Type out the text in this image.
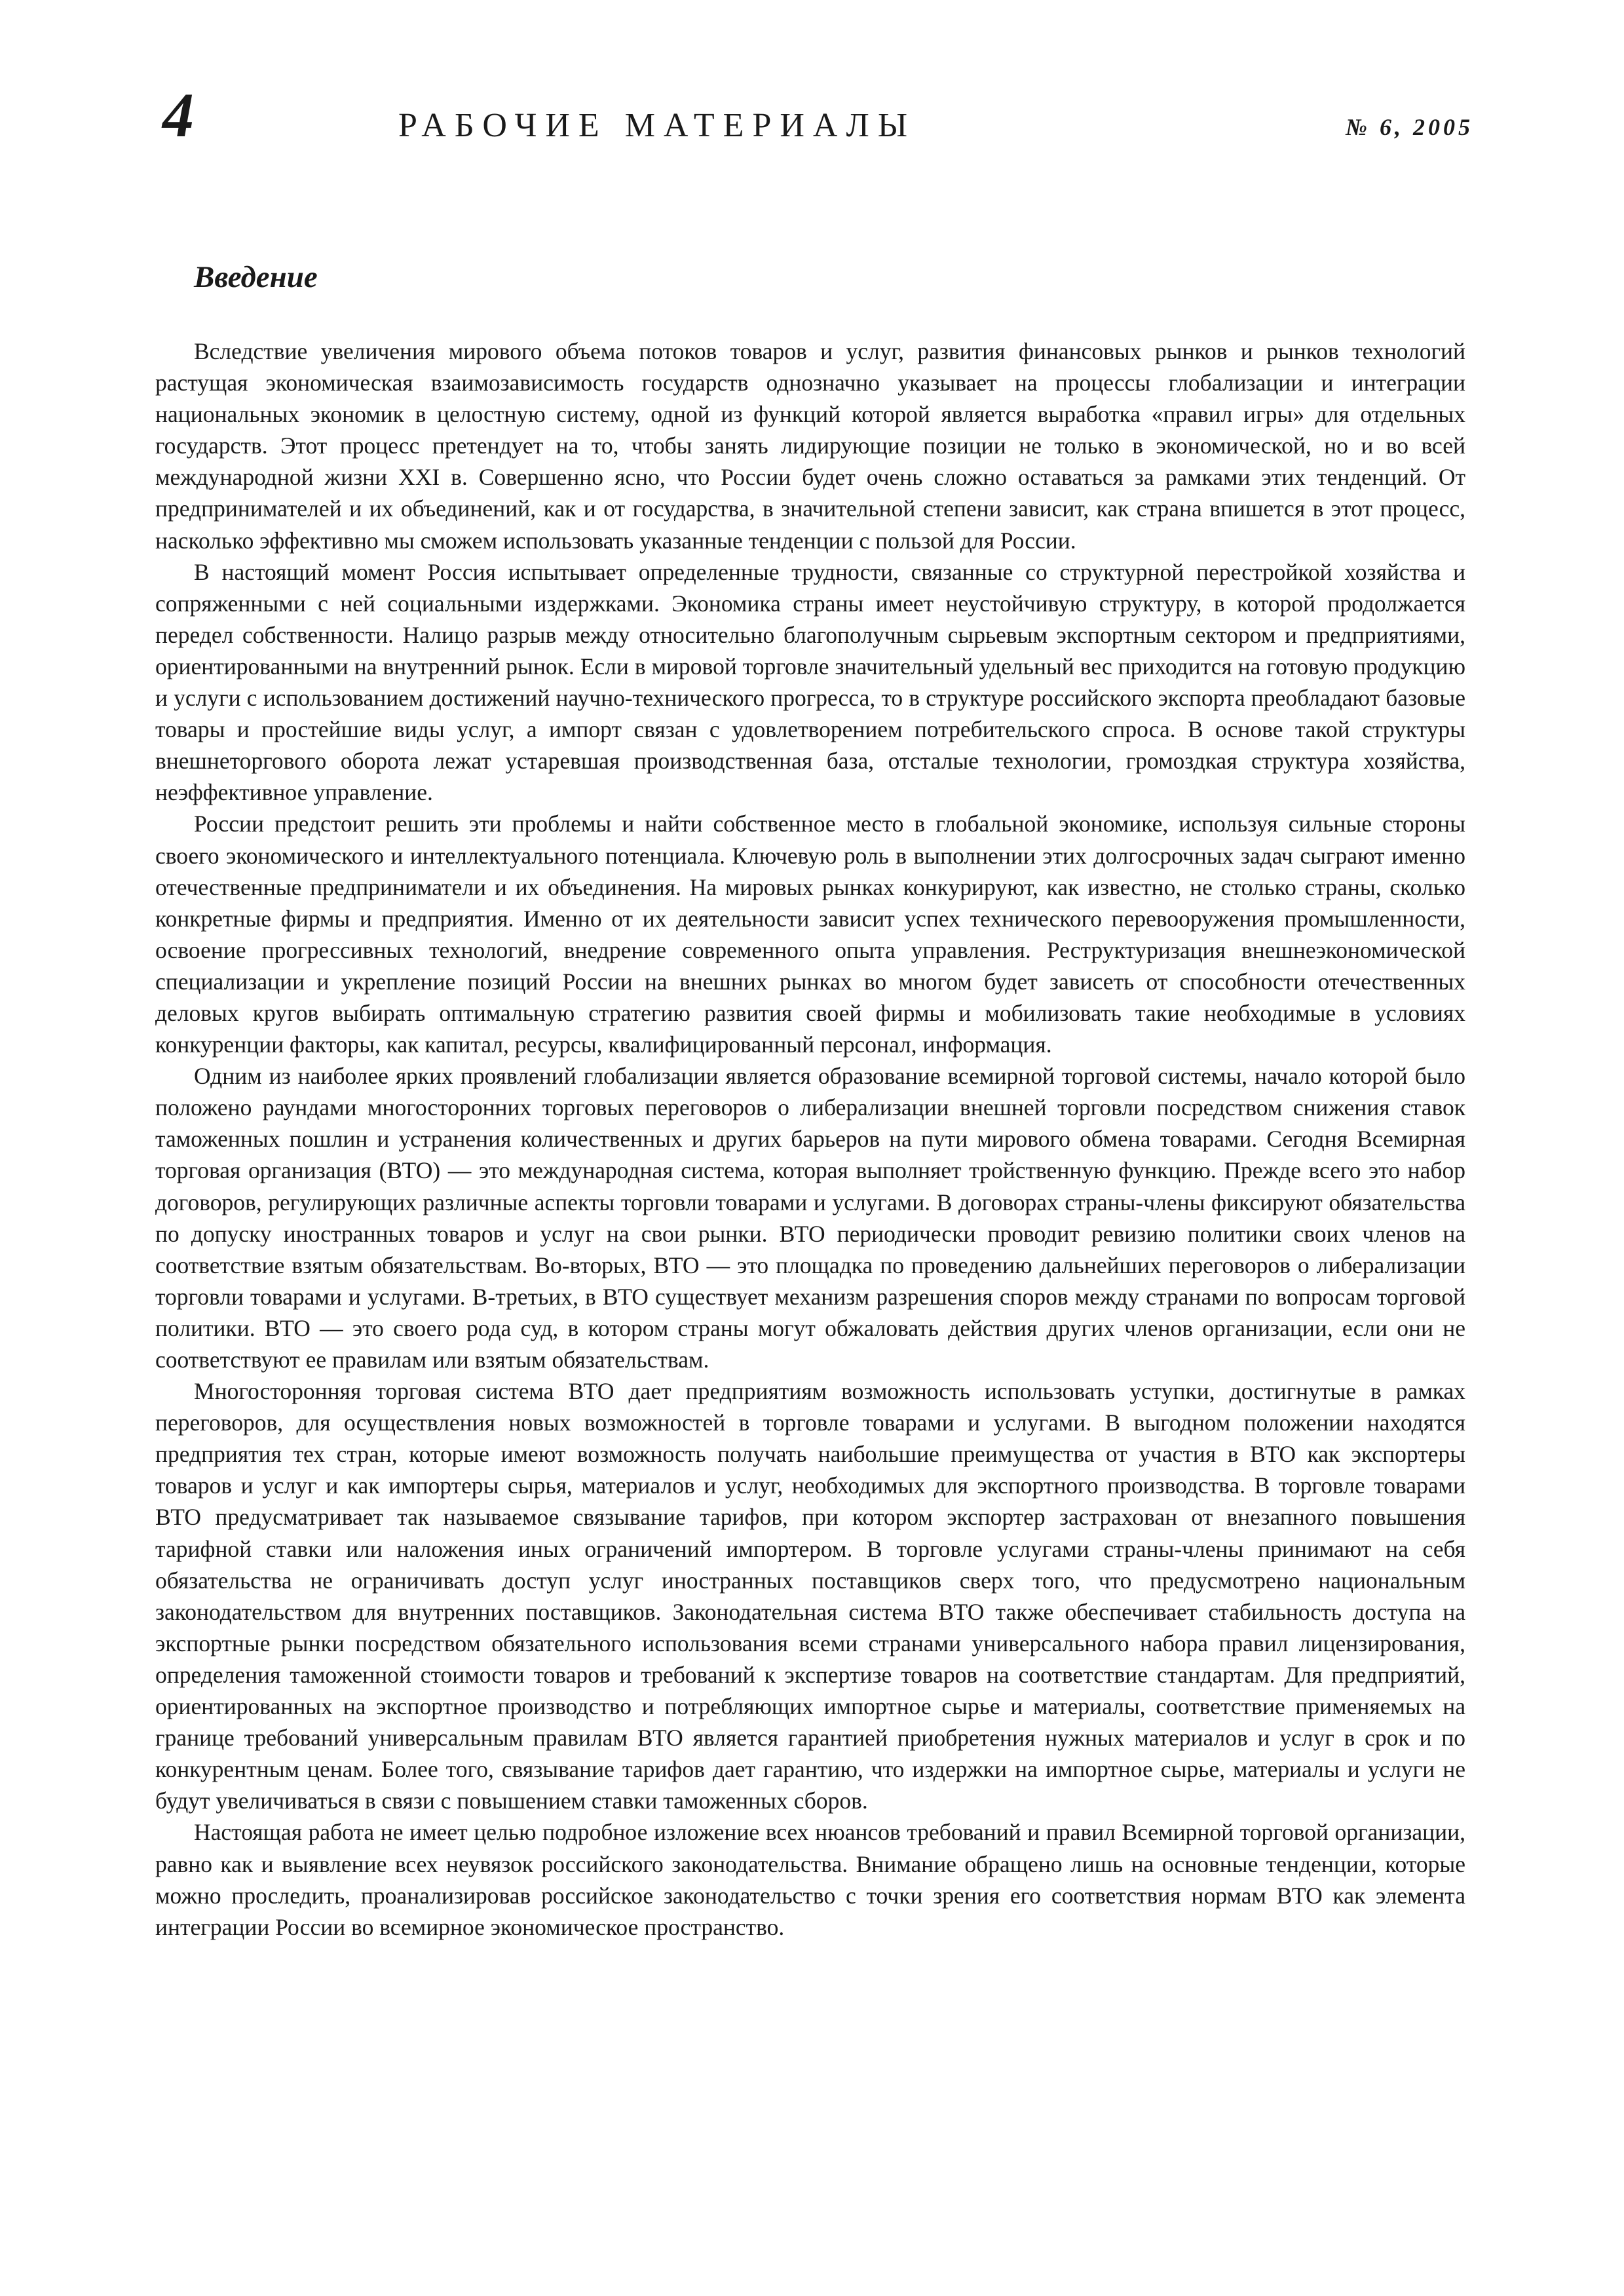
4	РАБОЧИЕ МАТЕРИАЛЫ	№ 6, 2005
Введение

Вследствие увеличения мирового объема потоков товаров и услуг, развития финансовых рынков и рынков технологий растущая экономическая взаимозависимость государств однозначно указывает на процессы глобализации и интеграции национальных экономик в целостную систему, одной из функций которой является выработка «правил игры» для отдельных государств. Этот процесс претендует на то, чтобы занять лидирующие позиции не только в экономической, но и во всей международной жизни XXI в. Совершенно ясно, что России будет очень сложно оставаться за рамками этих тенденций. От предпринимателей и их объединений, как и от государства, в значительной степени зависит, как страна впишется в этот процесс, насколько эффективно мы сможем использовать указанные тенденции с пользой для России.

В настоящий момент Россия испытывает определенные трудности, связанные со структурной перестройкой хозяйства и сопряженными с ней социальными издержками. Экономика страны имеет неустойчивую структуру, в которой продолжается передел собственности. Налицо разрыв между относительно благополучным сырьевым экспортным сектором и предприятиями, ориентированными на внутренний рынок. Если в мировой торговле значительный удельный вес приходится на готовую продукцию и услуги с использованием достижений научно-технического прогресса, то в структуре российского экспорта преобладают базовые товары и простейшие виды услуг, а импорт связан с удовлетворением потребительского спроса. В основе такой структуры внешнеторгового оборота лежат устаревшая производственная база, отсталые технологии, громоздкая структура хозяйства, неэффективное управление.

России предстоит решить эти проблемы и найти собственное место в глобальной экономике, используя сильные стороны своего экономического и интеллектуального потенциала. Ключевую роль в выполнении этих долгосрочных задач сыграют именно отечественные предприниматели и их объединения. На мировых рынках конкурируют, как известно, не столько страны, сколько конкретные фирмы и предприятия. Именно от их деятельности зависит успех технического перевооружения промышленности, освоение прогрессивных технологий, внедрение современного опыта управления. Реструктуризация внешнеэкономической специализации и укрепление позиций России на внешних рынках во многом будет зависеть от способности отечественных деловых кругов выбирать оптимальную стратегию развития своей фирмы и мобилизовать такие необходимые в условиях конкуренции факторы, как капитал, ресурсы, квалифицированный персонал, информация.

Одним из наиболее ярких проявлений глобализации является образование всемирной торговой системы, начало которой было положено раундами многосторонних торговых переговоров о либерализации внешней торговли посредством снижения ставок таможенных пошлин и устранения количественных и других барьеров на пути мирового обмена товарами. Сегодня Всемирная торговая организация (ВТО) — это международная система, которая выполняет тройственную функцию. Прежде всего это набор договоров, регулирующих различные аспекты торговли товарами и услугами. В договорах страны-члены фиксируют обязательства по допуску иностранных товаров и услуг на свои рынки. ВТО периодически проводит ревизию политики своих членов на соответствие взятым обязательствам. Во-вторых, ВТО — это площадка по проведению дальнейших переговоров о либерализации торговли товарами и услугами. В-третьих, в ВТО существует механизм разрешения споров между странами по вопросам торговой политики. ВТО — это своего рода суд, в котором страны могут обжаловать действия других членов организации, если они не соответствуют ее правилам или взятым обязательствам.

Многосторонняя торговая система ВТО дает предприятиям возможность использовать уступки, достигнутые в рамках переговоров, для осуществления новых возможностей в торговле товарами и услугами. В выгодном положении находятся предприятия тех стран, которые имеют возможность получать наибольшие преимущества от участия в ВТО как экспортеры товаров и услуг и как импортеры сырья, материалов и услуг, необходимых для экспортного производства. В торговле товарами ВТО предусматривает так называемое связывание тарифов, при котором экспортер застрахован от внезапного повышения тарифной ставки или наложения иных ограничений импортером. В торговле услугами страны-члены принимают на себя обязательства не ограничивать доступ услуг иностранных поставщиков сверх того, что предусмотрено национальным законодательством для внутренних поставщиков. Законодательная система ВТО также обеспечивает стабильность доступа на экспортные рынки посредством обязательного использования всеми странами универсального набора правил лицензирования, определения таможенной стоимости товаров и требований к экспертизе товаров на соответствие стандартам. Для предприятий, ориентированных на экспортное производство и потребляющих импортное сырье и материалы, соответствие применяемых на границе требований универсальным правилам ВТО является гарантией приобретения нужных материалов и услуг в срок и по конкурентным ценам. Более того, связывание тарифов дает гарантию, что издержки на импортное сырье, материалы и услуги не будут увеличиваться в связи с повышением ставки таможенных сборов.

Настоящая работа не имеет целью подробное изложение всех нюансов требований и правил Всемирной торговой организации, равно как и выявление всех неувязок российского законодательства. Внимание обращено лишь на основные тенденции, которые можно проследить, проанализировав российское законодательство с точки зрения его соответствия нормам ВТО как элемента интеграции России во всемирное экономическое пространство.
